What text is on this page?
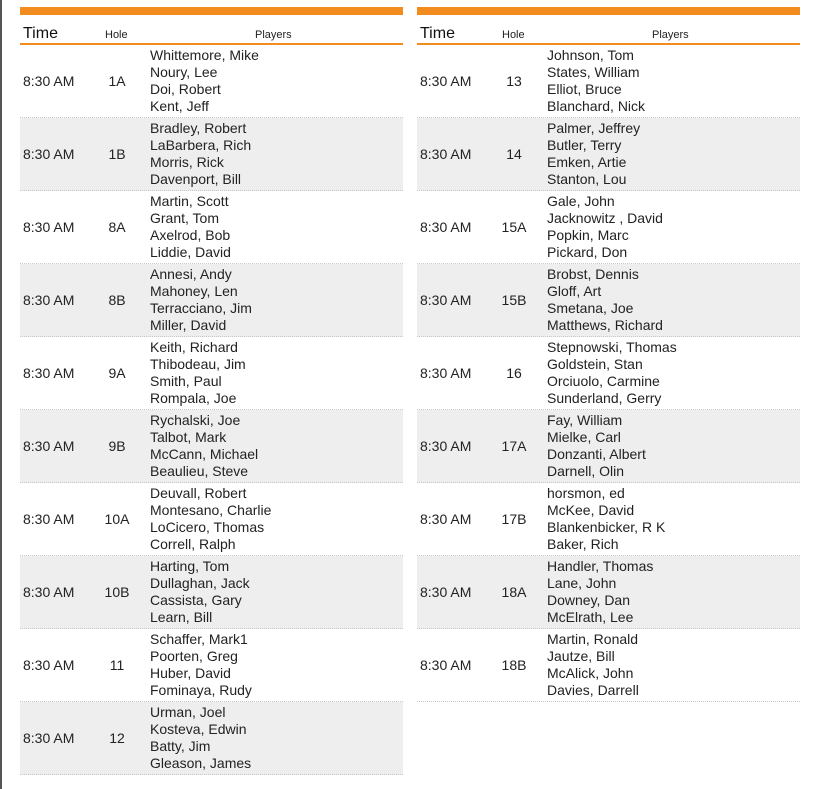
Time	Hole	Players
8:30 AM	1A
Whittemore, Mike
Noury, Lee
Doi, Robert
Kent, Jeff
8:30 AM	1B
Bradley, Robert
LaBarbera, Rich
Morris, Rick
Davenport, Bill
8:30 AM	8A
Martin, Scott
Grant, Tom
Axelrod, Bob
Liddie, David
8:30 AM	8B
Annesi, Andy
Mahoney, Len
Terracciano, Jim
Miller, David
8:30 AM	9A
Keith, Richard
Thibodeau, Jim
Smith, Paul
Rompala, Joe
8:30 AM	9B
Rychalski, Joe
Talbot, Mark
McCann, Michael
Beaulieu, Steve
8:30 AM	10A
Deuvall, Robert
Montesano, Charlie
LoCicero, Thomas
Correll, Ralph
8:30 AM	10B
Harting, Tom
Dullaghan, Jack
Cassista, Gary
Learn, Bill
8:30 AM	11
Schaffer, Mark1
Poorten, Greg
Huber, David
Fominaya, Rudy
8:30 AM	12
Urman, Joel
Kosteva, Edwin
Batty, Jim
Gleason, James
Time	Hole	Players
8:30 AM	13
Johnson, Tom
States, William
Elliot, Bruce
Blanchard, Nick
8:30 AM	14
Palmer, Jeffrey
Butler, Terry
Emken, Artie
Stanton, Lou
8:30 AM	15A
Gale, John
Jacknowitz , David
Popkin, Marc
Pickard, Don
8:30 AM	15B
Brobst, Dennis
Gloff, Art
Smetana, Joe
Matthews, Richard
8:30 AM	16
Stepnowski, Thomas
Goldstein, Stan
Orciuolo, Carmine
Sunderland, Gerry
8:30 AM	17A
Fay, William
Mielke, Carl
Donzanti, Albert
Darnell, Olin
8:30 AM	17B
horsmon, ed
McKee, David
Blankenbicker, R K
Baker, Rich
8:30 AM	18A
Handler, Thomas
Lane, John
Downey, Dan
McElrath, Lee
8:30 AM	18B
Martin, Ronald
Jautze, Bill
McAlick, John
Davies, Darrell
